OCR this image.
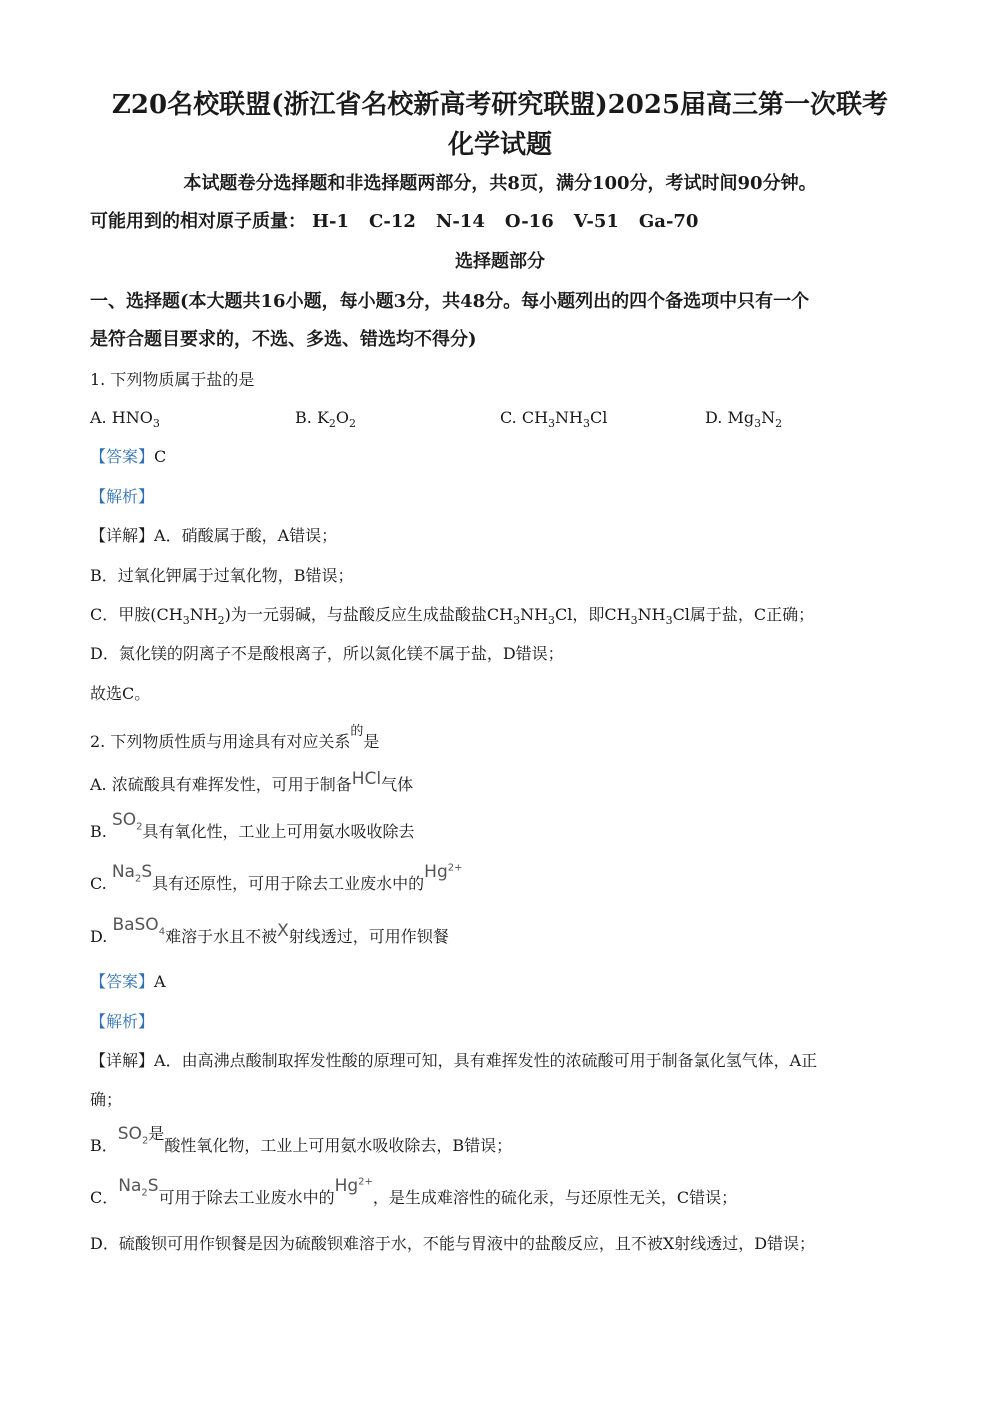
Z20名校联盟(浙江省名校新高考研究联盟)2025届高三第一次联考
化学试题
本试题卷分选择题和非选择题两部分，共8页，满分100分，考试时间90分钟。
可能用到的相对原子质量： H-1 C-12 N-14 O-16 V-51 Ga-70
选择题部分
一、选择题(本大题共16小题，每小题3分，共48分。每小题列出的四个备选项中只有一个
是符合题目要求的，不选、多选、错选均不得分)
1. 下列物质属于盐的是
A. $HNO_3$	B. $K_2O_2$	C. $CH_3NH_3Cl$	D. $Mg_3N_2$
【答案】C
【解析】
【详解】A．硝酸属于酸，A错误；
B．过氧化钾属于过氧化物，B错误；
C．甲胺$(CH_3NH_2)$为一元弱碱，与盐酸反应生成盐酸盐$CH_3NH_3Cl$，即$CH_3NH_3Cl$属于盐，C正确；
D．氮化镁的阴离子不是酸根离子，所以氮化镁不属于盐，D错误；
故选C。
2. 下列物质性质与用途具有对应关系$^的$是
A. 浓硫酸具有难挥发性，可用于制备HCl气体
B. $SO_2$具有氧化性，工业上可用氨水吸收除去
C. $Na_2S$具有还原性，可用于除去工业废水中的$Hg^{2+}$
D. BaSO$_4$难溶于水且不被X射线透过，可用作钡餐
【答案】A
【解析】
【详解】A．由高沸点酸制取挥发性酸的原理可知，具有难挥发性的浓硫酸可用于制备氯化氢气体，A正
确；
B．$SO_2$是酸性氧化物，工业上可用氨水吸收除去，B错误；
C．$Na_2S$可用于除去工业废水中的$Hg^{2+}$，是生成难溶性的硫化汞，与还原性无关，C错误；
D．硫酸钡可用作钡餐是因为硫酸钡难溶于水，不能与胃液中的盐酸反应，且不被X射线透过，D错误；
